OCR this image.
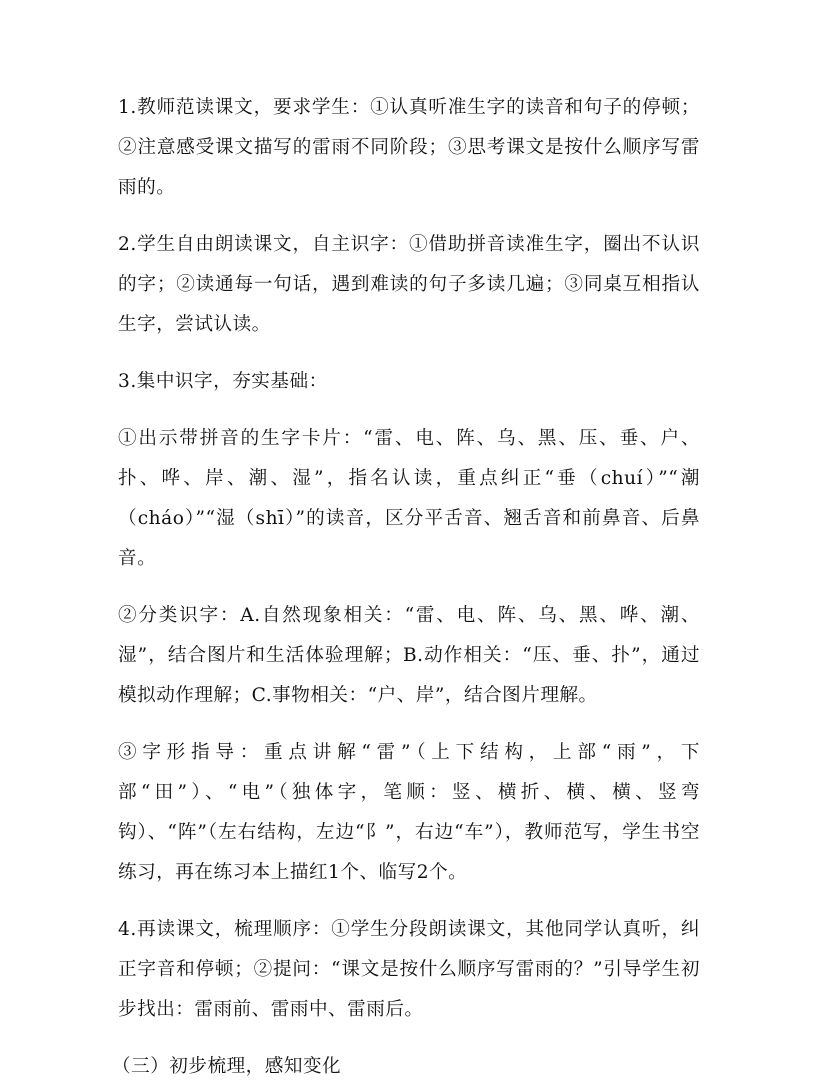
1.教师范读课文，要求学生：①认真听准生字的读音和句子的停顿；②注意感受课文描写的雷雨不同阶段；③思考课文是按什么顺序写雷雨的。

2.学生自由朗读课文，自主识字：①借助拼音读准生字，圈出不认识的字；②读通每一句话，遇到难读的句子多读几遍；③同桌互相指认生字，尝试认读。

3.集中识字，夯实基础：

①出示带拼音的生字卡片：“雷、电、阵、乌、黑、压、垂、户、扑、哗、岸、潮、湿”，指名认读，重点纠正“垂（chuí）”“潮（cháo）”“湿（shī）”的读音，区分平舌音、翘舌音和前鼻音、后鼻音。

②分类识字：A.自然现象相关：“雷、电、阵、乌、黑、哗、潮、湿”，结合图片和生活体验理解；B.动作相关：“压、垂、扑”，通过模拟动作理解；C.事物相关：“户、岸”，结合图片理解。

③字形指导：重点讲解“雷”（上下结构，上部“雨”，下部“田”）、“电”（独体字，笔顺：竖、横折、横、横、竖弯钩）、“阵”（左右结构，左边“阝”，右边“车”），教师范写，学生书空练习，再在练习本上描红1个、临写2个。

4.再读课文，梳理顺序：①学生分段朗读课文，其他同学认真听，纠正字音和停顿；②提问：“课文是按什么顺序写雷雨的？”引导学生初步找出：雷雨前、雷雨中、雷雨后。

（三）初步梳理，感知变化
